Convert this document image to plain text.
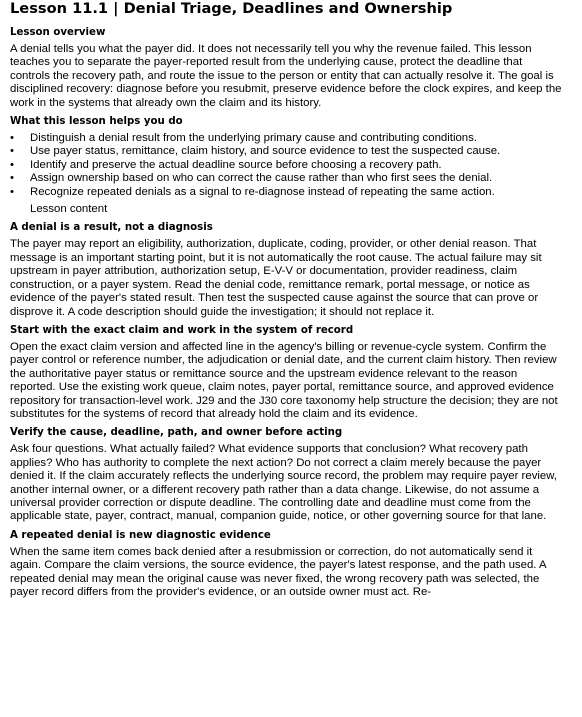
Lesson 11.1 | Denial Triage, Deadlines and Ownership
Lesson overview

A denial tells you what the payer did. It does not necessarily tell you why the revenue failed. This lesson teaches you to separate the payer-reported result from the underlying cause, protect the deadline that controls the recovery path, and route the issue to the person or entity that can actually resolve it. The goal is disciplined recovery: diagnose before you resubmit, preserve evidence before the clock expires, and keep the work in the systems that already own the claim and its history.

What this lesson helps you do
•	Distinguish a denial result from the underlying primary cause and contributing conditions.
•	Use payer status, remittance, claim history, and source evidence to test the suspected cause.
•	Identify and preserve the actual deadline source before choosing a recovery path.
•	Assign ownership based on who can correct the cause rather than who first sees the denial.
•	Recognize repeated denials as a signal to re-diagnose instead of repeating the same action.
Lesson content
A denial is a result, not a diagnosis

The payer may report an eligibility, authorization, duplicate, coding, provider, or other denial reason. That message is an important starting point, but it is not automatically the root cause. The actual failure may sit upstream in payer attribution, authorization setup, E-V-V or documentation, provider readiness, claim construction, or a payer system. Read the denial code, remittance remark, portal message, or notice as evidence of the payer's stated result. Then test the suspected cause against the source that can prove or disprove it. A code description should guide the investigation; it should not replace it.

Start with the exact claim and work in the system of record

Open the exact claim version and affected line in the agency's billing or revenue-cycle system. Confirm the payer control or reference number, the adjudication or denial date, and the current claim history. Then review the authoritative payer status or remittance source and the upstream evidence relevant to the reason reported. Use the existing work queue, claim notes, payer portal, remittance source, and approved evidence repository for transaction-level work. J29 and the J30 core taxonomy help structure the decision; they are not substitutes for the systems of record that already hold the claim and its evidence.

Verify the cause, deadline, path, and owner before acting

Ask four questions. What actually failed? What evidence supports that conclusion? What recovery path applies? Who has authority to complete the next action? Do not correct a claim merely because the payer denied it. If the claim accurately reflects the underlying source record, the problem may require payer review, another internal owner, or a different recovery path rather than a data change. Likewise, do not assume a universal provider correction or dispute deadline. The controlling date and deadline must come from the applicable state, payer, contract, manual, companion guide, notice, or other governing source for that lane.

A repeated denial is new diagnostic evidence

When the same item comes back denied after a resubmission or correction, do not automatically send it again. Compare the claim versions, the source evidence, the payer's latest response, and the path used. A repeated denial may mean the original cause was never fixed, the wrong recovery path was selected, the payer record differs from the provider's evidence, or an outside owner must act. Re-
